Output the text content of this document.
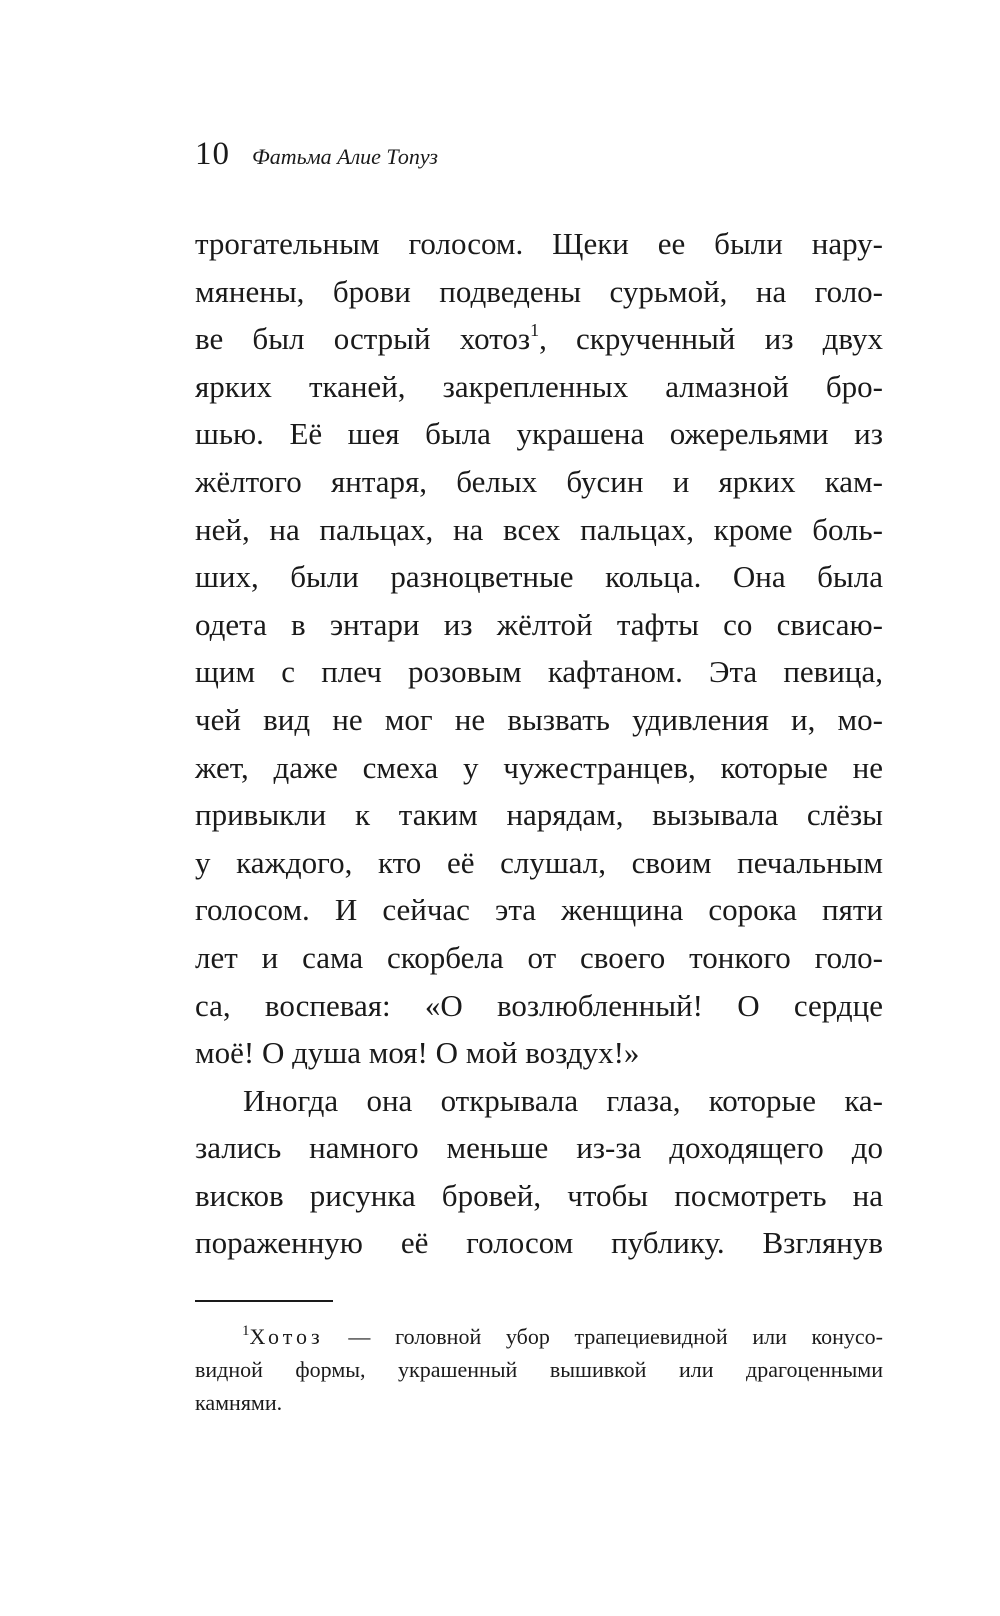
10 Фатьма Алие Топуз
трогательным голосом. Щеки ее были нару-
мянены, брови подведены сурьмой, на голо-
ве был острый хотоз$^1$, скрученный из двух
ярких тканей, закрепленных алмазной бро-
шью. Её шея была украшена ожерельями из
жёлтого янтаря, белых бусин и ярких кам-
ней, на пальцах, на всех пальцах, кроме боль-
ших, были разноцветные кольца. Она была
одета в энтари из жёлтой тафты со свисаю-
щим с плеч розовым кафтаном. Эта певица,
чей вид не мог не вызвать удивления и, мо-
жет, даже смеха у чужестранцев, которые не
привыкли к таким нарядам, вызывала слёзы
у каждого, кто её слушал, своим печальным
голосом. И сейчас эта женщина сорока пяти
лет и сама скорбела от своего тонкого голо-
са, воспевая: «О возлюбленный! О сердце
моё! О душа моя! О мой воздух!»
Иногда она открывала глаза, которые ка-
зались намного меньше из-за доходящего до
висков рисунка бровей, чтобы посмотреть на
пораженную её голосом публику. Взглянув
$^1$Хотоз — головной убор трапециевидной или конусо-
видной формы, украшенный вышивкой или драгоценными
камнями.
